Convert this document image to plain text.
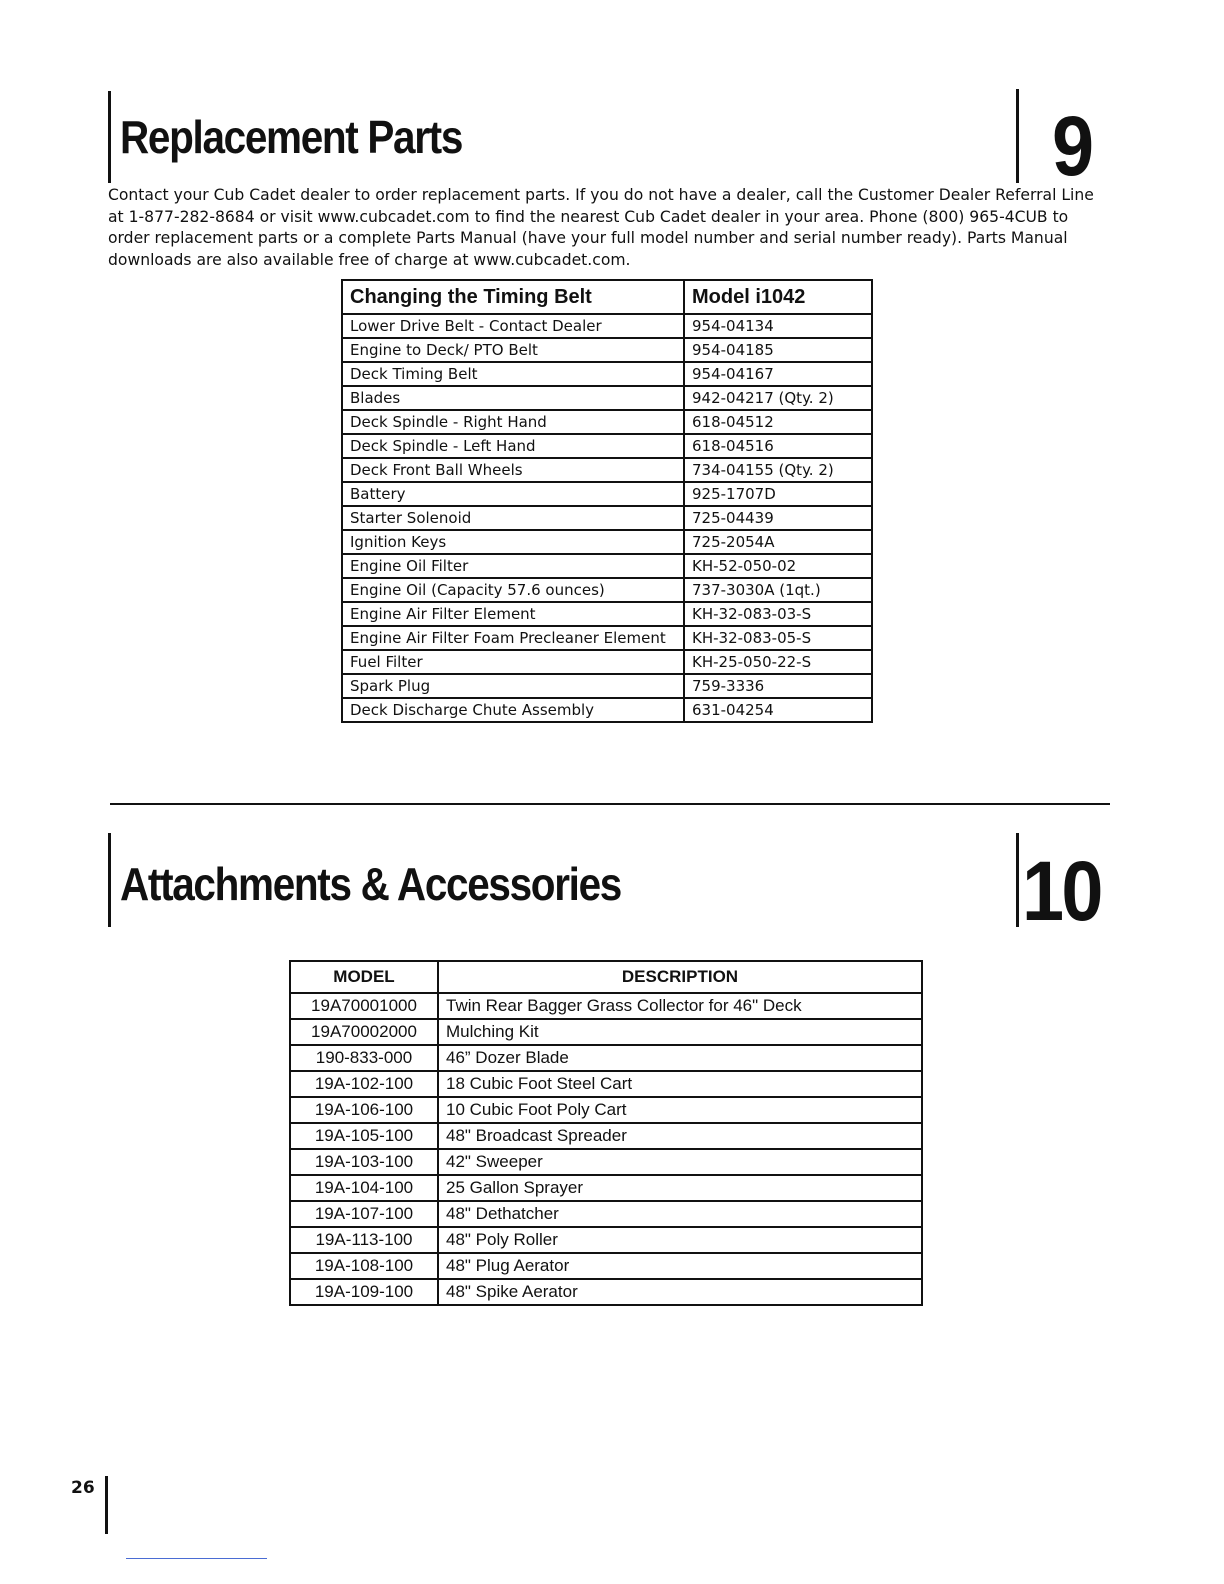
Replacement Parts	9

Contact your Cub Cadet dealer to order replacement parts. If you do not have a dealer, call the Customer Dealer Referral Line at 1-877-282-8684 or visit www.cubcadet.com to find the nearest Cub Cadet dealer in your area. Phone (800) 965-4CUB to order replacement parts or a complete Parts Manual (have your full model number and serial number ready). Parts Manual downloads are also available free of charge at www.cubcadet.com.

Changing the Timing Belt	Model i1042
Lower Drive Belt - Contact Dealer	954-04134
Engine to Deck/ PTO Belt	954-04185
Deck Timing Belt	954-04167
Blades	942-04217 (Qty. 2)
Deck Spindle - Right Hand	618-04512
Deck Spindle - Left Hand	618-04516
Deck Front Ball Wheels	734-04155 (Qty. 2)
Battery	925-1707D
Starter Solenoid	725-04439
Ignition Keys	725-2054A
Engine Oil Filter	KH-52-050-02
Engine Oil (Capacity 57.6 ounces)	737-3030A (1qt.)
Engine Air Filter Element	KH-32-083-03-S
Engine Air Filter Foam Precleaner Element	KH-32-083-05-S
Fuel Filter	KH-25-050-22-S
Spark Plug	759-3336
Deck Discharge Chute Assembly	631-04254
Attachments & Accessories	10
MODEL	DESCRIPTION
19A70001000	Twin Rear Bagger Grass Collector for 46" Deck
19A70002000	Mulching Kit
190-833-000	46” Dozer Blade
19A-102-100	18 Cubic Foot Steel Cart
19A-106-100	10 Cubic Foot Poly Cart
19A-105-100	48" Broadcast Spreader
19A-103-100	42" Sweeper
19A-104-100	25 Gallon Sprayer
19A-107-100	48" Dethatcher
19A-113-100	48" Poly Roller
19A-108-100	48" Plug Aerator
19A-109-100	48" Spike Aerator
26
